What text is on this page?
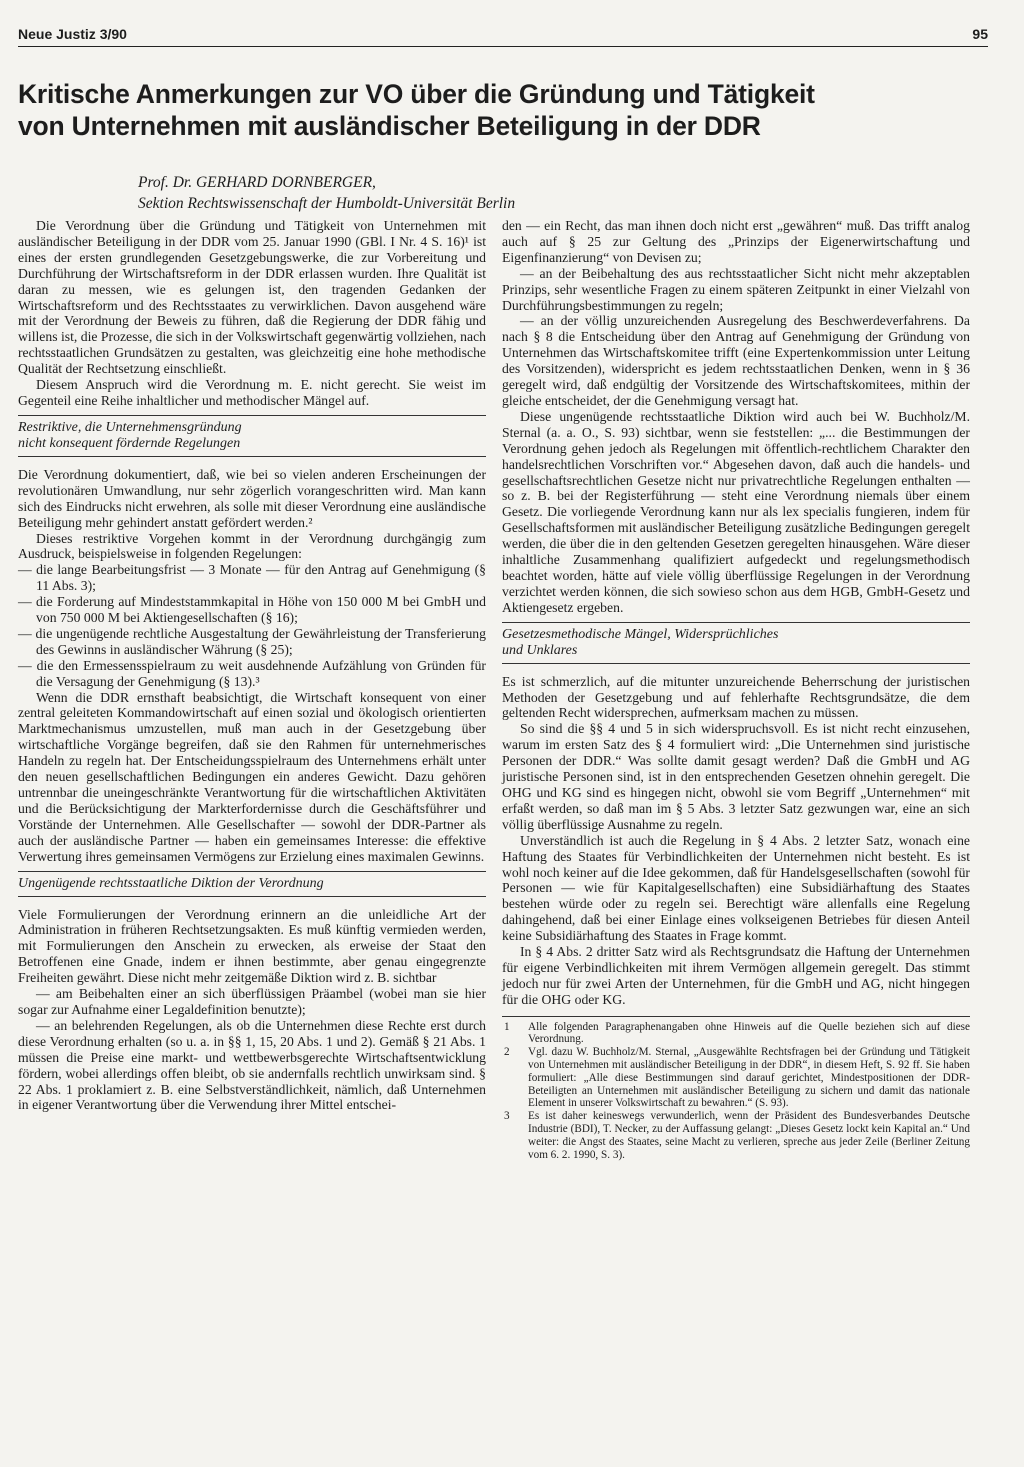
Neue Justiz 3/90	95
Kritische Anmerkungen zur VO über die Gründung und Tätigkeit
von Unternehmen mit ausländischer Beteiligung in der DDR
Prof. Dr. GERHARD DORNBERGER,
Sektion Rechtswissenschaft der Humboldt-Universität Berlin

Die Verordnung über die Gründung und Tätigkeit von Unternehmen mit ausländischer Beteiligung in der DDR vom 25. Januar 1990 (GBl. I Nr. 4 S. 16)¹ ist eines der ersten grundlegenden Gesetzgebungswerke, die zur Vorbereitung und Durchführung der Wirtschaftsreform in der DDR erlassen wurden. Ihre Qualität ist daran zu messen, wie es gelungen ist, den tragenden Gedanken der Wirtschaftsreform und des Rechtsstaates zu verwirklichen. Davon ausgehend wäre mit der Verordnung der Beweis zu führen, daß die Regierung der DDR fähig und willens ist, die Prozesse, die sich in der Volkswirtschaft gegenwärtig vollziehen, nach rechtsstaatlichen Grundsätzen zu gestalten, was gleichzeitig eine hohe methodische Qualität der Rechtsetzung einschließt.

Diesem Anspruch wird die Verordnung m. E. nicht gerecht. Sie weist im Gegenteil eine Reihe inhaltlicher und methodischer Mängel auf.

Restriktive, die Unternehmensgründung
nicht konsequent fördernde Regelungen

Die Verordnung dokumentiert, daß, wie bei so vielen anderen Erscheinungen der revolutionären Umwandlung, nur sehr zögerlich vorangeschritten wird. Man kann sich des Eindrucks nicht erwehren, als solle mit dieser Verordnung eine ausländische Beteiligung mehr gehindert anstatt gefördert werden.²

Dieses restriktive Vorgehen kommt in der Verordnung durchgängig zum Ausdruck, beispielsweise in folgenden Regelungen:

— die lange Bearbeitungsfrist — 3 Monate — für den Antrag auf Genehmigung (§ 11 Abs. 3);

— die Forderung auf Mindeststammkapital in Höhe von 150 000 M bei GmbH und von 750 000 M bei Aktiengesellschaften (§ 16);

— die ungenügende rechtliche Ausgestaltung der Gewährleistung der Transferierung des Gewinns in ausländischer Währung (§ 25);

— die den Ermessensspielraum zu weit ausdehnende Aufzählung von Gründen für die Versagung der Genehmigung (§ 13).³

Wenn die DDR ernsthaft beabsichtigt, die Wirtschaft konsequent von einer zentral geleiteten Kommandowirtschaft auf einen sozial und ökologisch orientierten Marktmechanismus umzustellen, muß man auch in der Gesetzgebung über wirtschaftliche Vorgänge begreifen, daß sie den Rahmen für unternehmerisches Handeln zu regeln hat. Der Entscheidungsspielraum des Unternehmens erhält unter den neuen gesellschaftlichen Bedingungen ein anderes Gewicht. Dazu gehören untrennbar die uneingeschränkte Verantwortung für die wirtschaftlichen Aktivitäten und die Berücksichtigung der Markterfordernisse durch die Geschäftsführer und Vorstände der Unternehmen. Alle Gesellschafter — sowohl der DDR-Partner als auch der ausländische Partner — haben ein gemeinsames Interesse: die effektive Verwertung ihres gemeinsamen Vermögens zur Erzielung eines maximalen Gewinns.

Ungenügende rechtsstaatliche Diktion der Verordnung

Viele Formulierungen der Verordnung erinnern an die unleidliche Art der Administration in früheren Rechtsetzungsakten. Es muß künftig vermieden werden, mit Formulierungen den Anschein zu erwecken, als erweise der Staat den Betroffenen eine Gnade, indem er ihnen bestimmte, aber genau eingegrenzte Freiheiten gewährt. Diese nicht mehr zeitgemäße Diktion wird z. B. sichtbar

— am Beibehalten einer an sich überflüssigen Präambel (wobei man sie hier sogar zur Aufnahme einer Legaldefinition benutzte);

— an belehrenden Regelungen, als ob die Unternehmen diese Rechte erst durch diese Verordnung erhalten (so u. a. in §§ 1, 15, 20 Abs. 1 und 2). Gemäß § 21 Abs. 1 müssen die Preise eine markt- und wettbewerbsgerechte Wirtschaftsentwicklung fördern, wobei allerdings offen bleibt, ob sie andernfalls rechtlich unwirksam sind. § 22 Abs. 1 proklamiert z. B. eine Selbstverständlichkeit, nämlich, daß Unternehmen in eigener Verantwortung über die Verwendung ihrer Mittel entschei-

den — ein Recht, das man ihnen doch nicht erst „gewähren“ muß. Das trifft analog auch auf § 25 zur Geltung des „Prinzips der Eigenerwirtschaftung und Eigenfinanzierung“ von Devisen zu;

— an der Beibehaltung des aus rechtsstaatlicher Sicht nicht mehr akzeptablen Prinzips, sehr wesentliche Fragen zu einem späteren Zeitpunkt in einer Vielzahl von Durchführungsbestimmungen zu regeln;

— an der völlig unzureichenden Ausregelung des Beschwerdeverfahrens. Da nach § 8 die Entscheidung über den Antrag auf Genehmigung der Gründung von Unternehmen das Wirtschaftskomitee trifft (eine Expertenkommission unter Leitung des Vorsitzenden), widerspricht es jedem rechtsstaatlichen Denken, wenn in § 36 geregelt wird, daß endgültig der Vorsitzende des Wirtschaftskomitees, mithin der gleiche entscheidet, der die Genehmigung versagt hat.

Diese ungenügende rechtsstaatliche Diktion wird auch bei W. Buchholz/M. Sternal (a. a. O., S. 93) sichtbar, wenn sie feststellen: „... die Bestimmungen der Verordnung gehen jedoch als Regelungen mit öffentlich-rechtlichem Charakter den handelsrechtlichen Vorschriften vor.“ Abgesehen davon, daß auch die handels- und gesellschaftsrechtlichen Gesetze nicht nur privatrechtliche Regelungen enthalten — so z. B. bei der Registerführung — steht eine Verordnung niemals über einem Gesetz. Die vorliegende Verordnung kann nur als lex specialis fungieren, indem für Gesellschaftsformen mit ausländischer Beteiligung zusätzliche Bedingungen geregelt werden, die über die in den geltenden Gesetzen geregelten hinausgehen. Wäre dieser inhaltliche Zusammenhang qualifiziert aufgedeckt und regelungsmethodisch beachtet worden, hätte auf viele völlig überflüssige Regelungen in der Verordnung verzichtet werden können, die sich sowieso schon aus dem HGB, GmbH-Gesetz und Aktiengesetz ergeben.

Gesetzesmethodische Mängel, Widersprüchliches
und Unklares

Es ist schmerzlich, auf die mitunter unzureichende Beherrschung der juristischen Methoden der Gesetzgebung und auf fehlerhafte Rechtsgrundsätze, die dem geltenden Recht widersprechen, aufmerksam machen zu müssen.

So sind die §§ 4 und 5 in sich widerspruchsvoll. Es ist nicht recht einzusehen, warum im ersten Satz des § 4 formuliert wird: „Die Unternehmen sind juristische Personen der DDR.“ Was sollte damit gesagt werden? Daß die GmbH und AG juristische Personen sind, ist in den entsprechenden Gesetzen ohnehin geregelt. Die OHG und KG sind es hingegen nicht, obwohl sie vom Begriff „Unternehmen“ mit erfaßt werden, so daß man im § 5 Abs. 3 letzter Satz gezwungen war, eine an sich völlig überflüssige Ausnahme zu regeln.

Unverständlich ist auch die Regelung in § 4 Abs. 2 letzter Satz, wonach eine Haftung des Staates für Verbindlichkeiten der Unternehmen nicht besteht. Es ist wohl noch keiner auf die Idee gekommen, daß für Handelsgesellschaften (sowohl für Personen — wie für Kapitalgesellschaften) eine Subsidiärhaftung des Staates bestehen würde oder zu regeln sei. Berechtigt wäre allenfalls eine Regelung dahingehend, daß bei einer Einlage eines volkseigenen Betriebes für diesen Anteil keine Subsidiärhaftung des Staates in Frage kommt.

In § 4 Abs. 2 dritter Satz wird als Rechtsgrundsatz die Haftung der Unternehmen für eigene Verbindlichkeiten mit ihrem Vermögen allgemein geregelt. Das stimmt jedoch nur für zwei Arten der Unternehmen, für die GmbH und AG, nicht hingegen für die OHG oder KG.

1 Alle folgenden Paragraphenangaben ohne Hinweis auf die Quelle beziehen sich auf diese Verordnung.

2 Vgl. dazu W. Buchholz/M. Sternal, „Ausgewählte Rechtsfragen bei der Gründung und Tätigkeit von Unternehmen mit ausländischer Beteiligung in der DDR“, in diesem Heft, S. 92 ff. Sie haben formuliert: „Alle diese Bestimmungen sind darauf gerichtet, Mindestpositionen der DDR-Beteiligten an Unternehmen mit ausländischer Beteiligung zu sichern und damit das nationale Element in unserer Volkswirtschaft zu bewahren.“ (S. 93).

3 Es ist daher keineswegs verwunderlich, wenn der Präsident des Bundesverbandes Deutsche Industrie (BDI), T. Necker, zu der Auffassung gelangt: „Dieses Gesetz lockt kein Kapital an.“ Und weiter: die Angst des Staates, seine Macht zu verlieren, spreche aus jeder Zeile (Berliner Zeitung vom 6. 2. 1990, S. 3).
